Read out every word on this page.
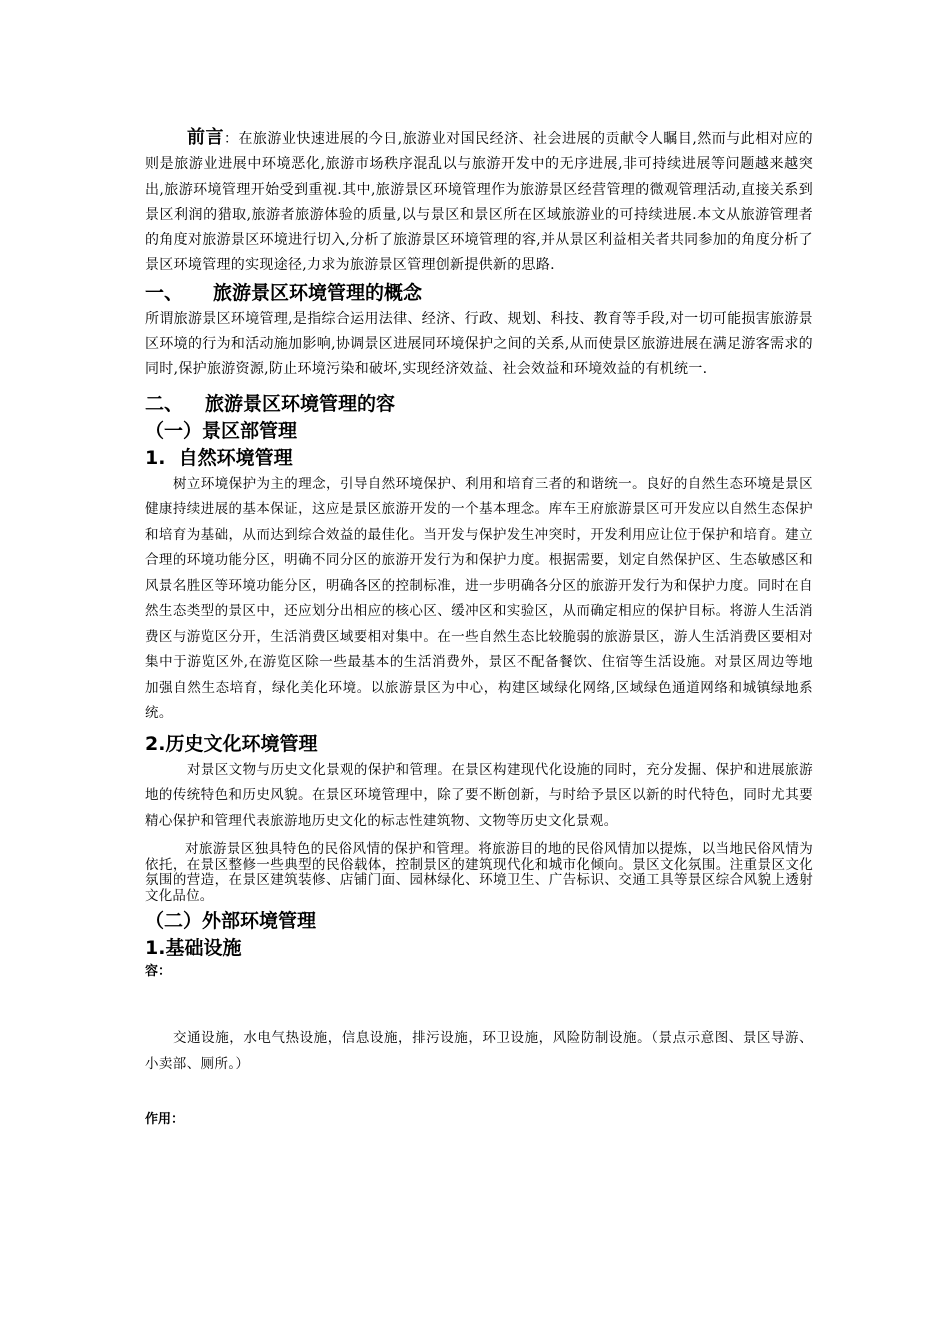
前言：在旅游业快速进展的今日,旅游业对国民经济、社会进展的贡献令人瞩目,然而与此相对应的则是旅游业进展中环境恶化,旅游市场秩序混乱以与旅游开发中的无序进展,非可持续进展等问题越来越突出,旅游环境管理开始受到重视.其中,旅游景区环境管理作为旅游景区经营管理的微观管理活动,直接关系到景区利润的猎取,旅游者旅游体验的质量,以与景区和景区所在区域旅游业的可持续进展.本文从旅游管理者的角度对旅游景区环境进行切入,分析了旅游景区环境管理的容,并从景区利益相关者共同参加的角度分析了景区环境管理的实现途径,力求为旅游景区管理创新提供新的思路.

一、 旅游景区环境管理的概念

所谓旅游景区环境管理,是指综合运用法律、经济、行政、规划、科技、教育等手段,对一切可能损害旅游景区环境的行为和活动施加影响,协调景区进展同环境保护之间的关系,从而使景区旅游进展在满足游客需求的同时,保护旅游资源,防止环境污染和破坏,实现经济效益、社会效益和环境效益的有机统一.

二、 旅游景区环境管理的容
（一）景区部管理
1.  自然环境管理

树立环境保护为主的理念，引导自然环境保护、利用和培育三者的和谐统一。良好的自然生态环境是景区健康持续进展的基本保证，这应是景区旅游开发的一个基本理念。库车王府旅游景区可开发应以自然生态保护和培育为基础，从而达到综合效益的最佳化。当开发与保护发生冲突时，开发利用应让位于保护和培育。建立合理的环境功能分区，明确不同分区的旅游开发行为和保护力度。根据需要，划定自然保护区、生态敏感区和风景名胜区等环境功能分区，明确各区的控制标准，进一步明确各分区的旅游开发行为和保护力度。同时在自然生态类型的景区中，还应划分出相应的核心区、缓冲区和实验区，从而确定相应的保护目标。将游人生活消费区与游览区分开，生活消费区域要相对集中。在一些自然生态比较脆弱的旅游景区，游人生活消费区要相对集中于游览区外,在游览区除一些最基本的生活消费外，景区不配备餐饮、住宿等生活设施。对景区周边等地加强自然生态培育，绿化美化环境。以旅游景区为中心，构建区域绿化网络,区域绿色通道网络和城镇绿地系统。

2.历史文化环境管理

对景区文物与历史文化景观的保护和管理。在景区构建现代化设施的同时，充分发掘、保护和进展旅游地的传统特色和历史风貌。在景区环境管理中，除了要不断创新，与时给予景区以新的时代特色，同时尤其要精心保护和管理代表旅游地历史文化的标志性建筑物、文物等历史文化景观。

对旅游景区独具特色的民俗风情的保护和管理。将旅游目的地的民俗风情加以提炼，以当地民俗风情为依托，在景区整修一些典型的民俗载体，控制景区的建筑现代化和城市化倾向。景区文化氛围。注重景区文化氛围的营造，在景区建筑装修、店铺门面、园林绿化、环境卫生、广告标识、交通工具等景区综合风貌上透射文化品位。

（二）外部环境管理
1.基础设施
容：

交通设施，水电气热设施，信息设施，排污设施，环卫设施，风险防制设施。（景点示意图、景区导游、小卖部、厕所。）

作用：
